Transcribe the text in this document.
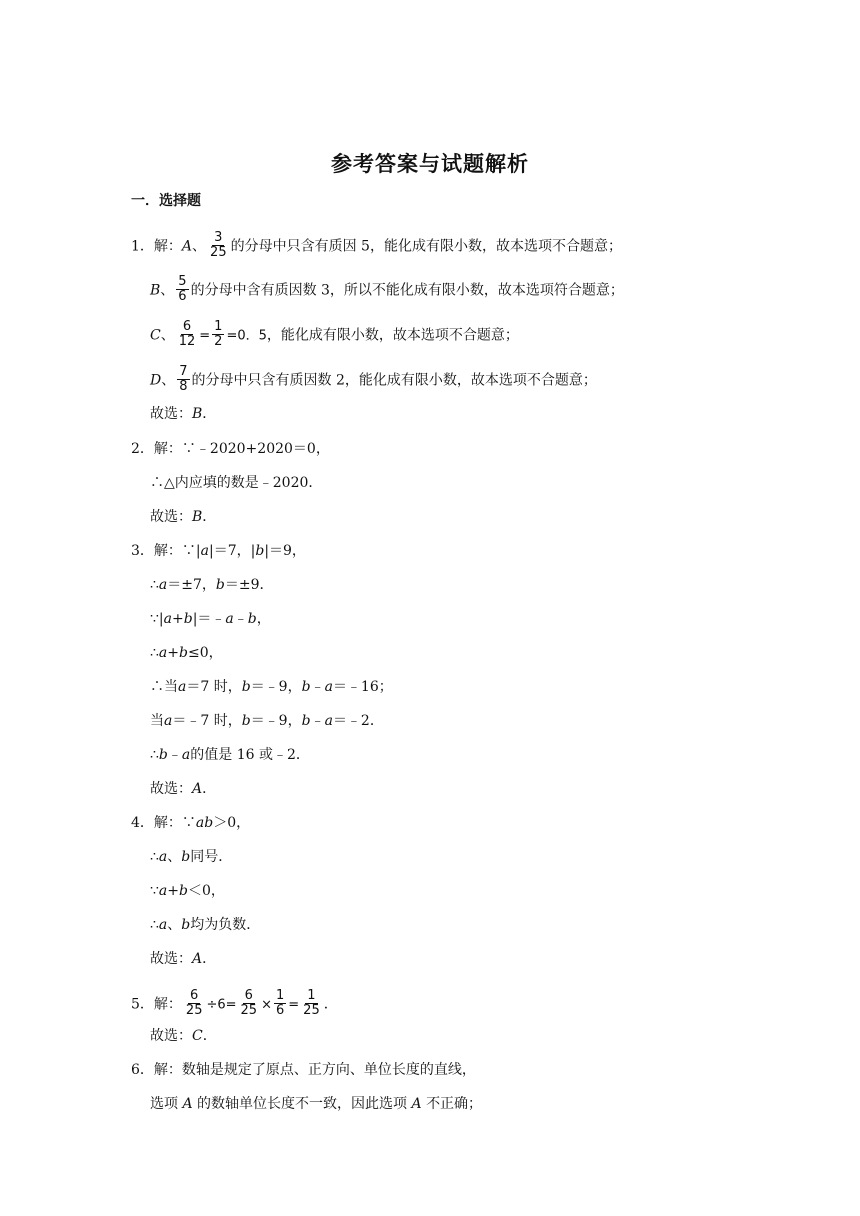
参考答案与试题解析
一．选择题
1．解：A、 $\frac{3}{25}$ 的分母中只含有质因 5，能化成有限小数，故本选项不合题意；
B、 $\frac{5}{6}$ 的分母中含有质因数 3，所以不能化成有限小数，故本选项符合题意；
C、 $\frac{6}{12} = \frac{1}{2} =0$．5，能化成有限小数，故本选项不合题意；
D、 $\frac{7}{8}$ 的分母中只含有质因数 2，能化成有限小数，故本选项不合题意；
故选：B．
2．解：∵﹣2020+2020＝0，
∴△内应填的数是﹣2020．
故选：B．
3．解：∵|a|＝7，|b|＝9，
∴a＝±7，b＝±9．
∵|a+b|＝﹣a﹣b，
∴a+b≤0，
∴当a＝7 时，b＝﹣9，b﹣a＝﹣16；
当a＝﹣7 时，b＝﹣9，b﹣a＝﹣2．
∴b﹣a的值是 16 或﹣2．
故选：A．
4．解：∵ab＞0，
∴a、b同号．
∵a+b＜0，
∴a、b均为负数．
故选：A．
5．解： $\frac{6}{25} \div 6= \frac{6}{25} \times \frac{1}{6} = \frac{1}{25}$ ．
故选：C．
6．解：数轴是规定了原点、正方向、单位长度的直线，
选项 A 的数轴单位长度不一致，因此选项 A 不正确；
